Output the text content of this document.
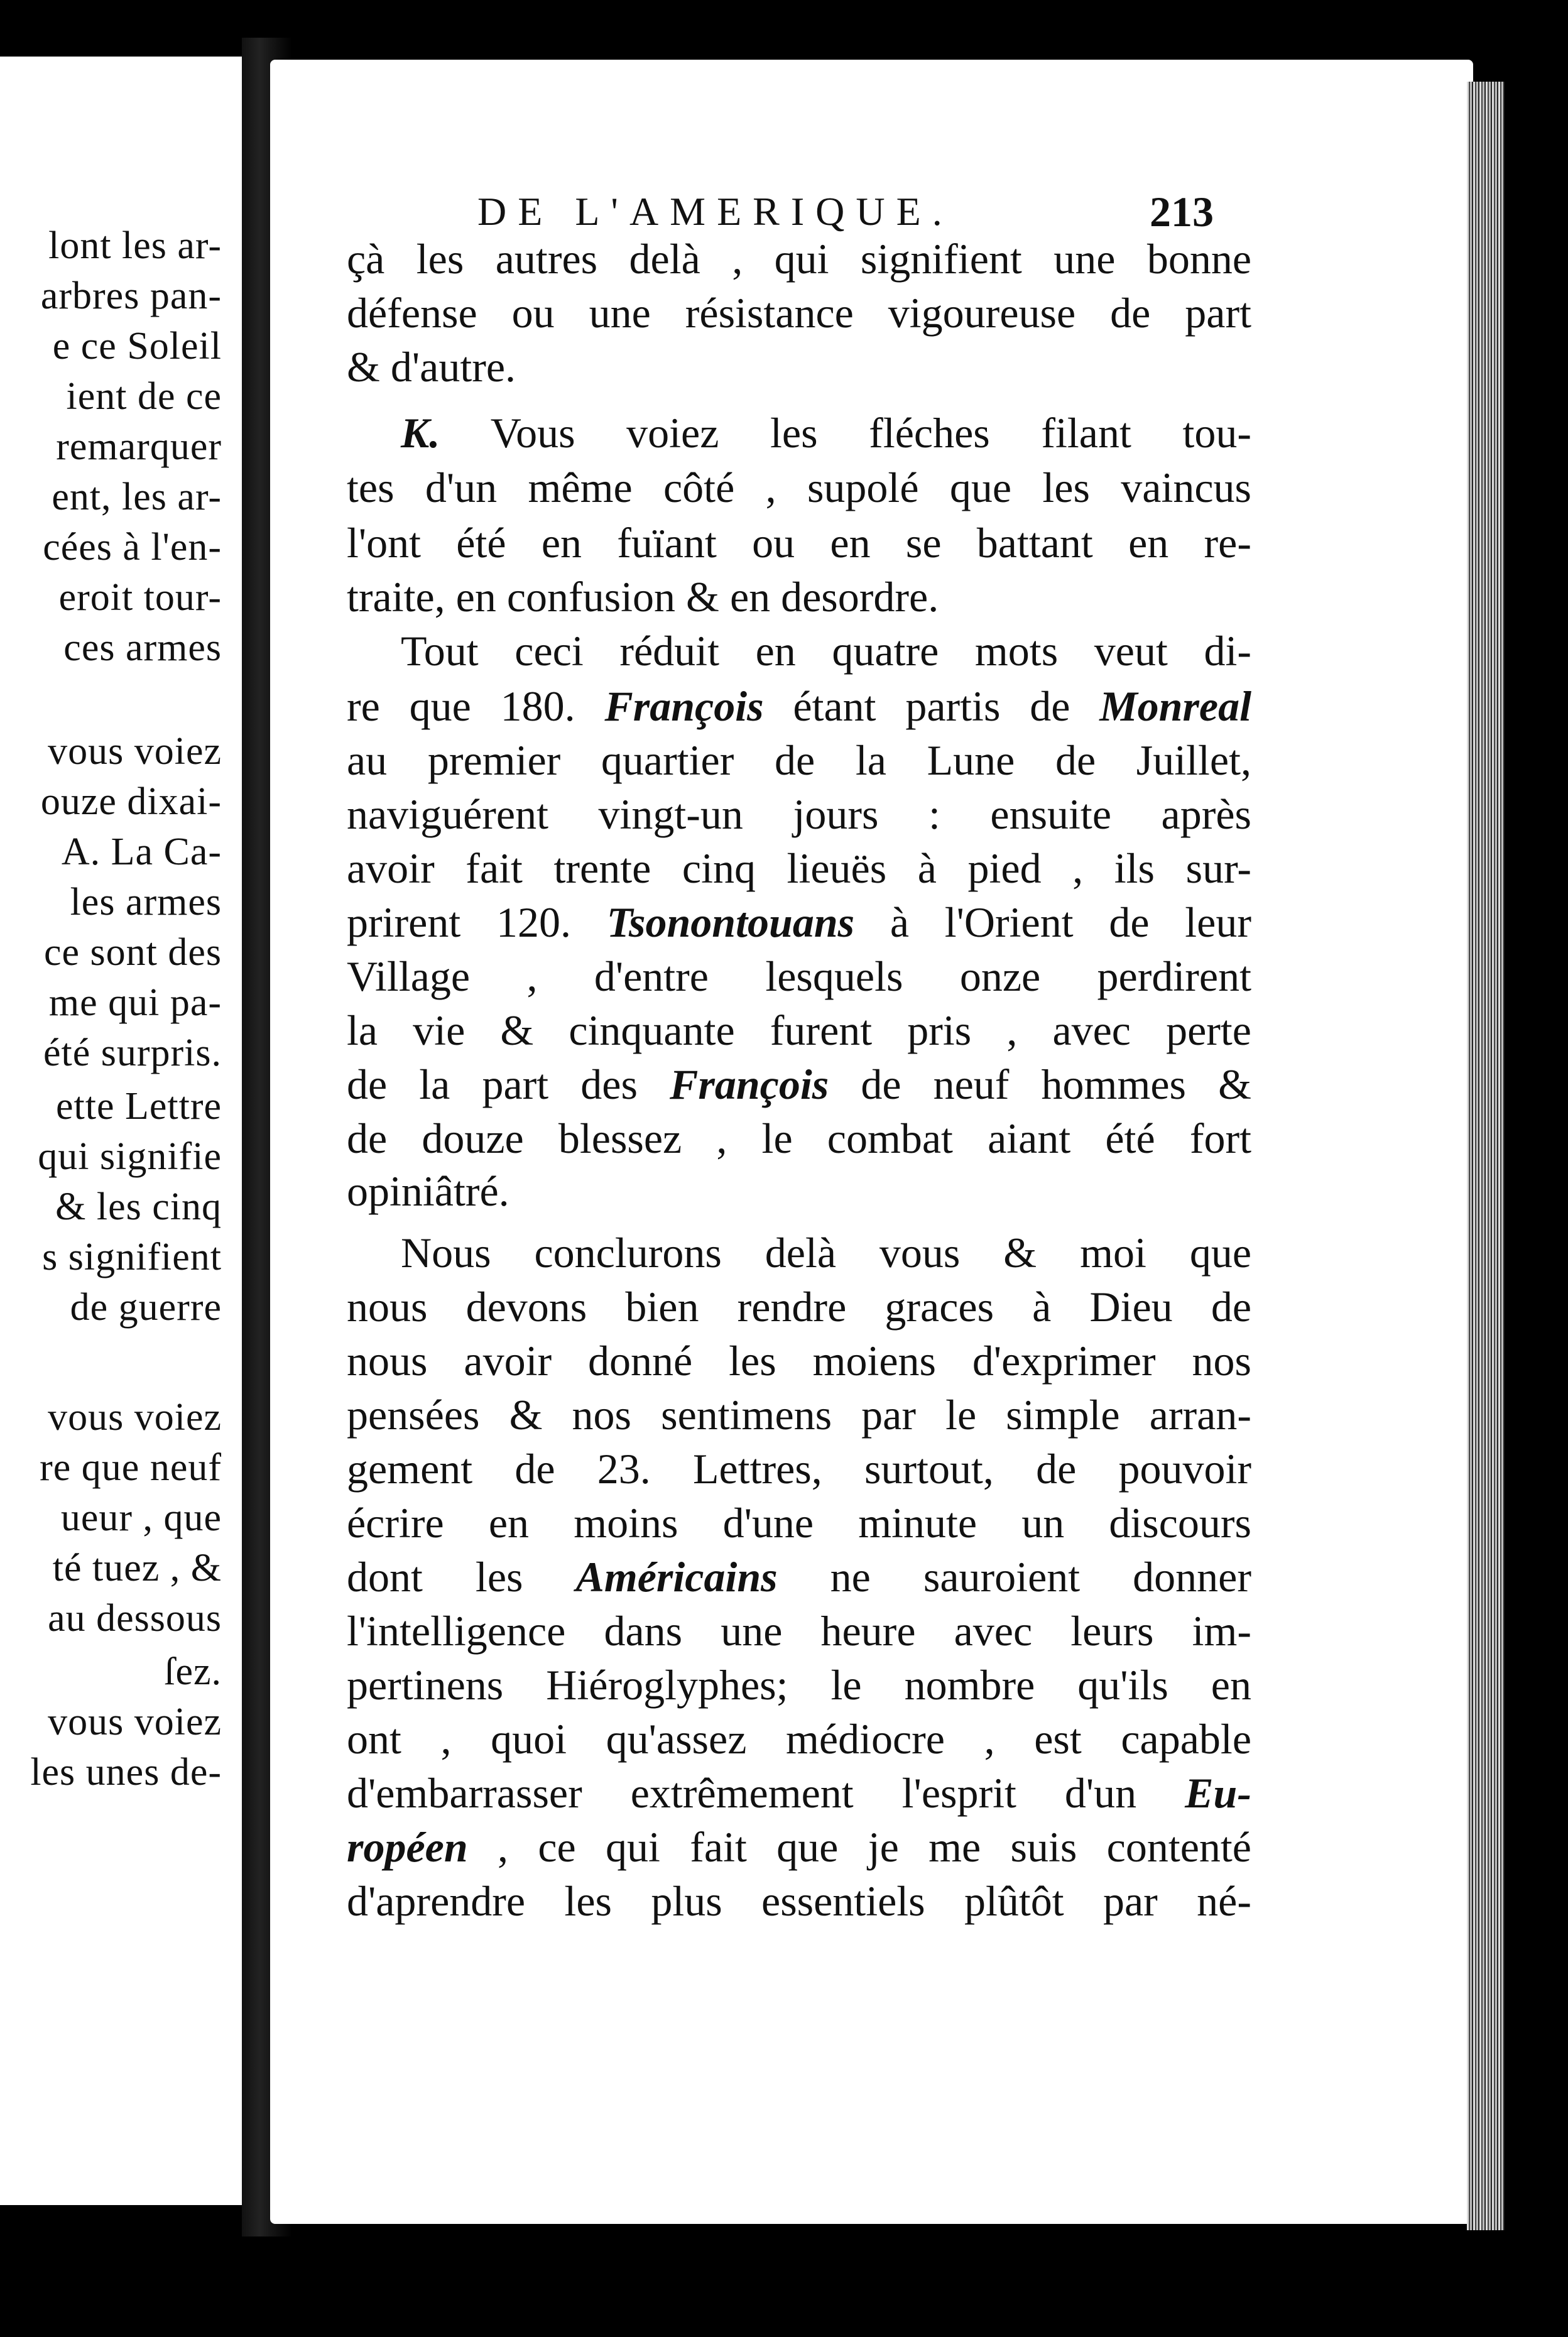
lont les ar-
arbres pan-
e ce Soleil
ient de ce
remarquer
ent, les ar-
cées à l'en-
eroit tour-
ces armes
vous voiez
ouze dixai-
A. La Ca-
les armes
ce sont des
me qui pa-
été surpris.
ette Lettre
qui signifie
& les cinq
s signifient
de guerre
vous voiez
re que neuf
ueur , que
té tuez , &
au dessous
ſez.
vous voiez
les unes de-
DE L'AMERIQUE.	213
çà les autres delà , qui signifient une bonne
défense ou une résistance vigoureuse de part
& d'autre.
K. Vous voiez les fléches filant tou-
tes d'un même côté , supolé que les vaincus
l'ont été en fuïant ou en se battant en re-
traite, en confusion & en desordre.
Tout ceci réduit en quatre mots veut di-
re que 180. François étant partis de Monreal
au premier quartier de la Lune de Juillet,
naviguérent vingt-un jours : ensuite après
avoir fait trente cinq lieuës à pied , ils sur-
prirent 120. Tsonontouans à l'Orient de leur
Village , d'entre lesquels onze perdirent
la vie & cinquante furent pris , avec perte
de la part des François de neuf hommes &
de douze blessez , le combat aiant été fort
opiniâtré.
Nous conclurons delà vous & moi que
nous devons bien rendre graces à Dieu de
nous avoir donné les moiens d'exprimer nos
pensées & nos sentimens par le simple arran-
gement de 23. Lettres, surtout, de pouvoir
écrire en moins d'une minute un discours
dont les Américains ne sauroient donner
l'intelligence dans une heure avec leurs im-
pertinens Hiéroglyphes; le nombre qu'ils en
ont , quoi qu'assez médiocre , est capable
d'embarrasser extrêmement l'esprit d'un Eu-
ropéen , ce qui fait que je me suis contenté
d'aprendre les plus essentiels plûtôt par né-
